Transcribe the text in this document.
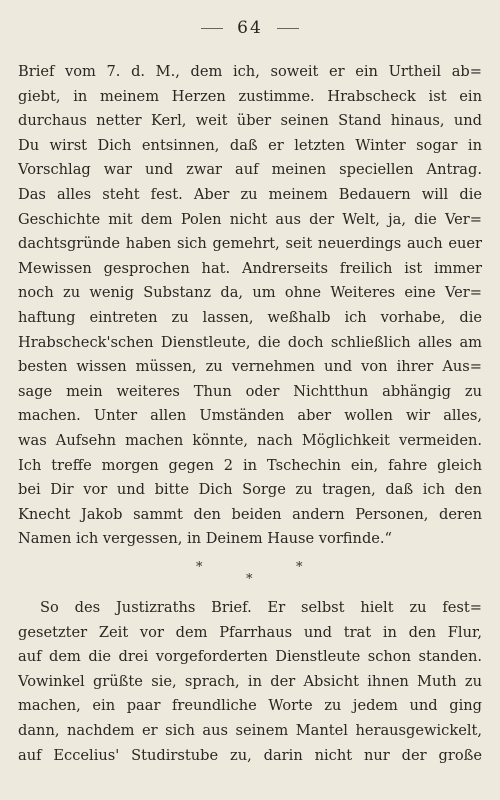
64
Brief vom 7. d. M., dem ich, soweit er ein Urtheil ab=
giebt, in meinem Herzen zustimme. Hrabscheck ist ein
durchaus netter Kerl, weit über seinen Stand hinaus, und
Du wirst Dich entsinnen, daß er letzten Winter sogar in
Vorschlag war und zwar auf meinen speciellen Antrag.
Das alles steht fest. Aber zu meinem Bedauern will die
Geschichte mit dem Polen nicht aus der Welt, ja, die Ver=
dachtsgründe haben sich gemehrt, seit neuerdings auch euer
Mewissen gesprochen hat. Andrerseits freilich ist immer
noch zu wenig Substanz da, um ohne Weiteres eine Ver=
haftung eintreten zu lassen, weßhalb ich vorhabe, die
Hrabscheck'schen Dienstleute, die doch schließlich alles am
besten wissen müssen, zu vernehmen und von ihrer Aus=
sage mein weiteres Thun oder Nichtthun abhängig zu
machen. Unter allen Umständen aber wollen wir alles,
was Aufsehn machen könnte, nach Möglichkeit vermeiden.
Ich treffe morgen gegen 2 in Tschechin ein, fahre gleich
bei Dir vor und bitte Dich Sorge zu tragen, daß ich den
Knecht Jakob sammt den beiden andern Personen, deren
Namen ich vergessen, in Deinem Hause vorfinde.“
*
*
*
So des Justizraths Brief. Er selbst hielt zu fest=
gesetzter Zeit vor dem Pfarrhaus und trat in den Flur,
auf dem die drei vorgeforderten Dienstleute schon standen.
Vowinkel grüßte sie, sprach, in der Absicht ihnen Muth zu
machen, ein paar freundliche Worte zu jedem und ging
dann, nachdem er sich aus seinem Mantel herausgewickelt,
auf Eccelius' Studirstube zu, darin nicht nur der große
